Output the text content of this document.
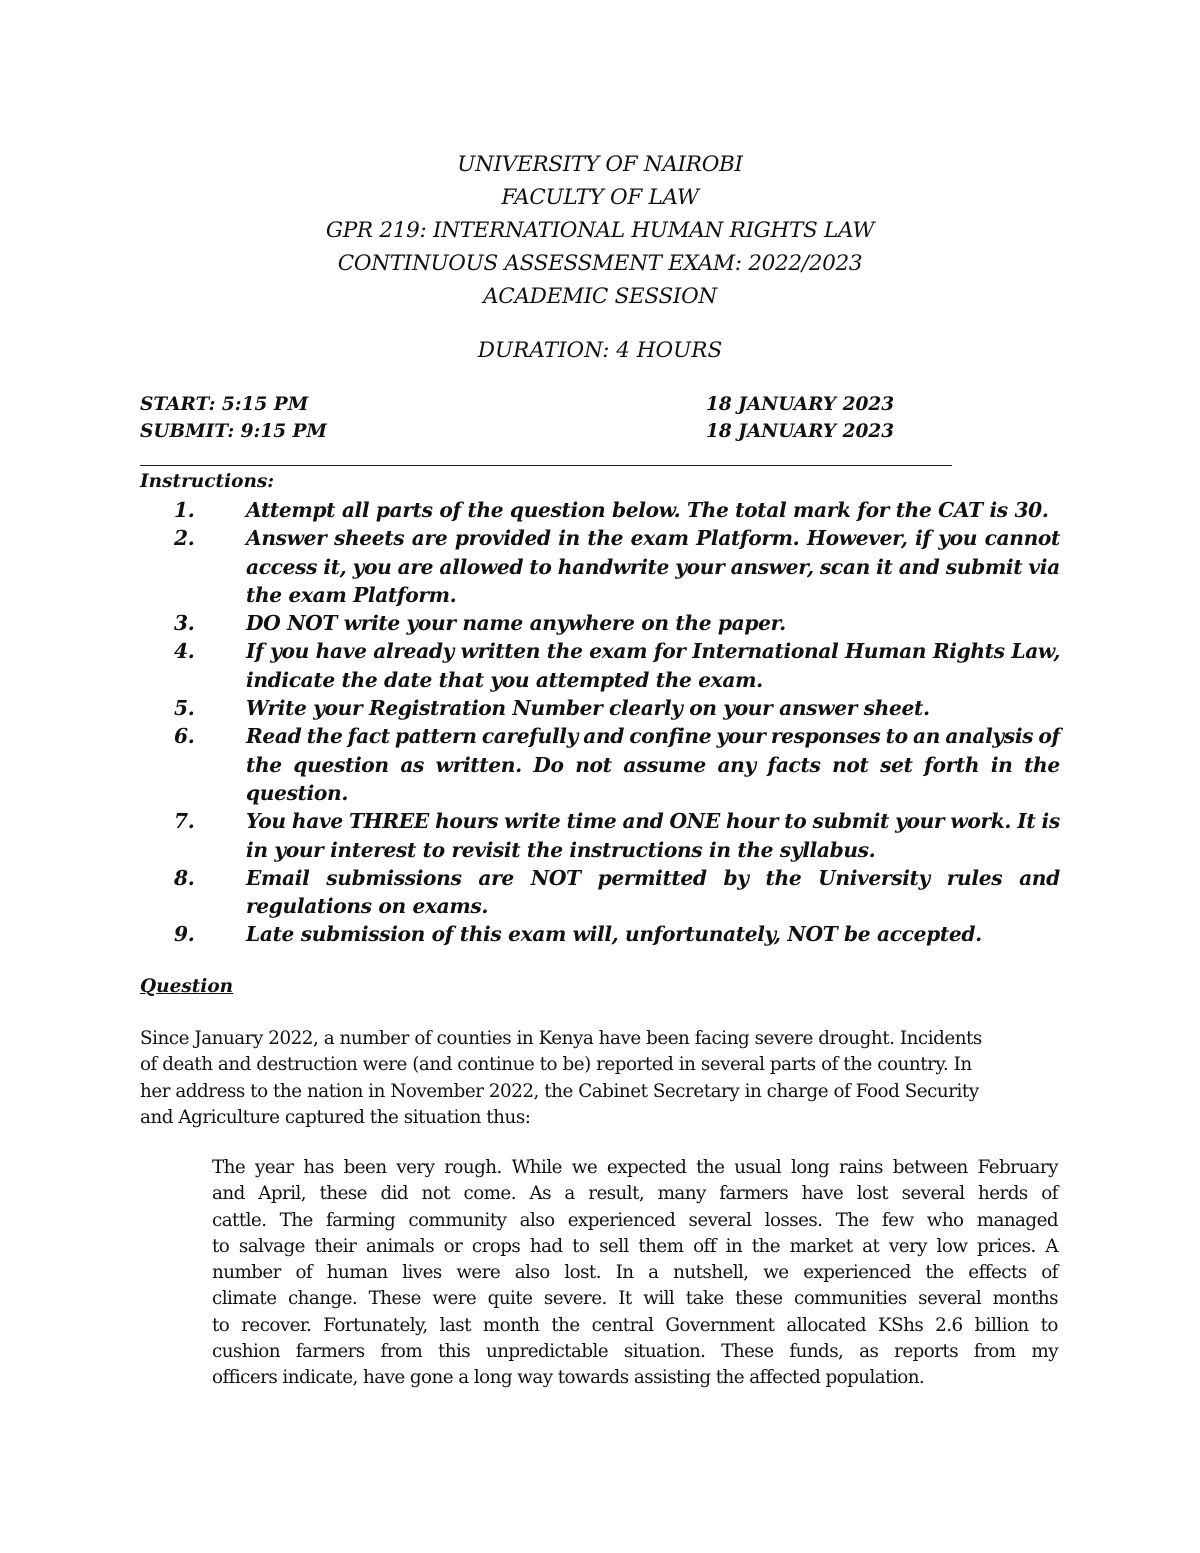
UNIVERSITY OF NAIROBI
FACULTY OF LAW
GPR 219: INTERNATIONAL HUMAN RIGHTS LAW
CONTINUOUS ASSESSMENT EXAM: 2022/2023
ACADEMIC SESSION
DURATION: 4 HOURS
START: 5:15 PM	18 JANUARY 2023
SUBMIT: 9:15 PM	18 JANUARY 2023
Instructions:
1.	Attempt all parts of the question below. The total mark for the CAT is 30.
2.	Answer sheets are provided in the exam Platform. However, if you cannot
access it, you are allowed to handwrite your answer, scan it and submit via
the exam Platform.
3.	DO NOT write your name anywhere on the paper.
4.	If you have already written the exam for International Human Rights Law,
indicate the date that you attempted the exam.
5.	Write your Registration Number clearly on your answer sheet.
6.	Read the fact pattern carefully and confine your responses to an analysis of
the question as written. Do not assume any facts not set forth in the
question.
7.	You have THREE hours write time and ONE hour to submit your work. It is
in your interest to revisit the instructions in the syllabus.
8.	Email submissions are NOT permitted by the University rules and
regulations on exams.
9.	Late submission of this exam will, unfortunately, NOT be accepted.
Question
Since January 2022, a number of counties in Kenya have been facing severe drought. Incidents
of death and destruction were (and continue to be) reported in several parts of the country. In
her address to the nation in November 2022, the Cabinet Secretary in charge of Food Security
and Agriculture captured the situation thus:
The year has been very rough. While we expected the usual long rains between February
and April, these did not come. As a result, many farmers have lost several herds of
cattle. The farming community also experienced several losses. The few who managed
to salvage their animals or crops had to sell them off in the market at very low prices. A
number of human lives were also lost. In a nutshell, we experienced the effects of
climate change. These were quite severe. It will take these communities several months
to recover. Fortunately, last month the central Government allocated KShs 2.6 billion to
cushion farmers from this unpredictable situation. These funds, as reports from my
officers indicate, have gone a long way towards assisting the affected population.
